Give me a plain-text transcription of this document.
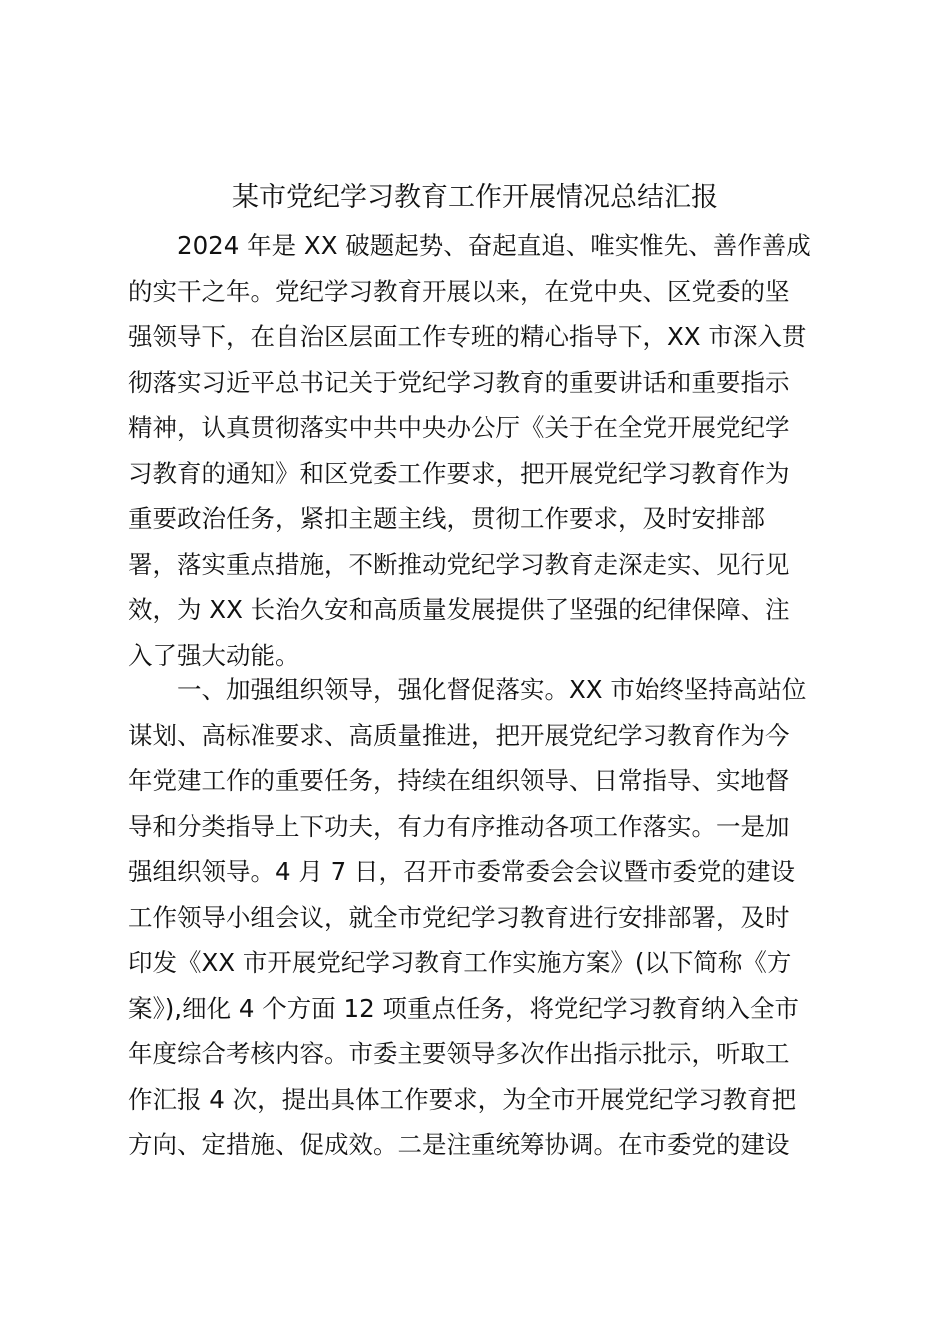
某市党纪学习教育工作开展情况总结汇报
2024 年是 XX 破题起势、奋起直追、唯实惟先、善作善成
的实干之年。党纪学习教育开展以来，在党中央、区党委的坚
强领导下，在自治区层面工作专班的精心指导下，XX 市深入贯
彻落实习近平总书记关于党纪学习教育的重要讲话和重要指示
精神，认真贯彻落实中共中央办公厅《关于在全党开展党纪学
习教育的通知》和区党委工作要求，把开展党纪学习教育作为
重要政治任务，紧扣主题主线，贯彻工作要求，及时安排部
署，落实重点措施，不断推动党纪学习教育走深走实、见行见
效，为 XX 长治久安和高质量发展提供了坚强的纪律保障、注
入了强大动能。
一、加强组织领导，强化督促落实。XX 市始终坚持高站位
谋划、高标准要求、高质量推进，把开展党纪学习教育作为今
年党建工作的重要任务，持续在组织领导、日常指导、实地督
导和分类指导上下功夫，有力有序推动各项工作落实。一是加
强组织领导。4 月 7 日，召开市委常委会会议暨市委党的建设
工作领导小组会议，就全市党纪学习教育进行安排部署，及时
印发《XX 市开展党纪学习教育工作实施方案》(以下简称《方
案》),细化 4 个方面 12 项重点任务，将党纪学习教育纳入全市
年度综合考核内容。市委主要领导多次作出指示批示，听取工
作汇报 4 次，提出具体工作要求，为全市开展党纪学习教育把
方向、定措施、促成效。二是注重统筹协调。在市委党的建设
